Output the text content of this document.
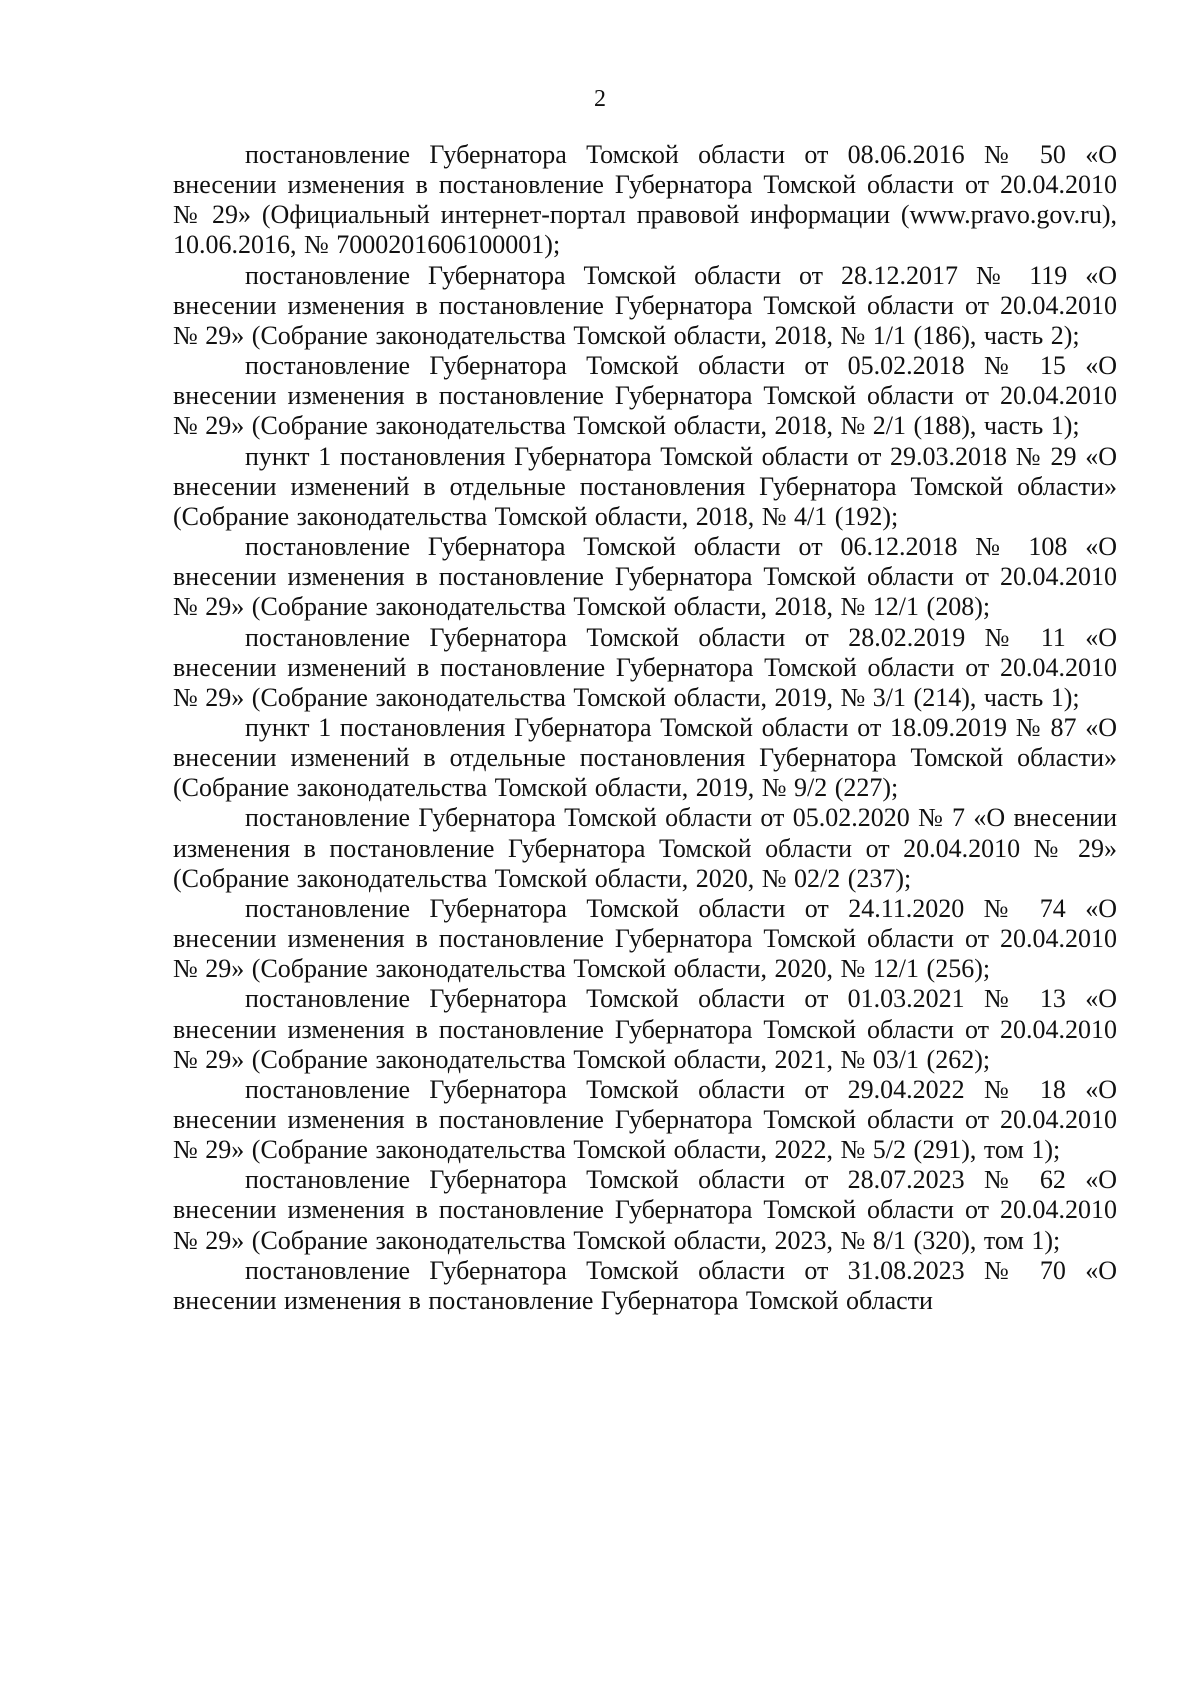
2

постановление Губернатора Томской области от 08.06.2016 № 50 «О внесении изменения в постановление Губернатора Томской области от 20.04.2010 № 29» (Официальный интернет-портал правовой информации (www.pravo.gov.ru), 10.06.2016, № 7000201606100001);

постановление Губернатора Томской области от 28.12.2017 № 119 «О внесении изменения в постановление Губернатора Томской области от 20.04.2010 № 29» (Собрание законодательства Томской области, 2018, № 1/1 (186), часть 2);

постановление Губернатора Томской области от 05.02.2018 № 15 «О внесении изменения в постановление Губернатора Томской области от 20.04.2010 № 29» (Собрание законодательства Томской области, 2018, № 2/1 (188), часть 1);

пункт 1 постановления Губернатора Томской области от 29.03.2018 № 29 «О внесении изменений в отдельные постановления Губернатора Томской области» (Собрание законодательства Томской области, 2018, № 4/1 (192);

постановление Губернатора Томской области от 06.12.2018 № 108 «О внесении изменения в постановление Губернатора Томской области от 20.04.2010 № 29» (Собрание законодательства Томской области, 2018, № 12/1 (208);

постановление Губернатора Томской области от 28.02.2019 № 11 «О внесении изменений в постановление Губернатора Томской области от 20.04.2010 № 29» (Собрание законодательства Томской области, 2019, № 3/1 (214), часть 1);

пункт 1 постановления Губернатора Томской области от 18.09.2019 № 87 «О внесении изменений в отдельные постановления Губернатора Томской области» (Собрание законодательства Томской области, 2019, № 9/2 (227);

постановление Губернатора Томской области от 05.02.2020 № 7 «О внесении изменения в постановление Губернатора Томской области от 20.04.2010 № 29» (Собрание законодательства Томской области, 2020, № 02/2 (237);

постановление Губернатора Томской области от 24.11.2020 № 74 «О внесении изменения в постановление Губернатора Томской области от 20.04.2010 № 29» (Собрание законодательства Томской области, 2020, № 12/1 (256);

постановление Губернатора Томской области от 01.03.2021 № 13 «О внесении изменения в постановление Губернатора Томской области от 20.04.2010 № 29» (Собрание законодательства Томской области, 2021, № 03/1 (262);

постановление Губернатора Томской области от 29.04.2022 № 18 «О внесении изменения в постановление Губернатора Томской области от 20.04.2010 № 29» (Собрание законодательства Томской области, 2022, № 5/2 (291), том 1);

постановление Губернатора Томской области от 28.07.2023 № 62 «О внесении изменения в постановление Губернатора Томской области от 20.04.2010 № 29» (Собрание законодательства Томской области, 2023, № 8/1 (320), том 1);

постановление Губернатора Томской области от 31.08.2023 № 70 «О внесении изменения в постановление Губернатора Томской области
